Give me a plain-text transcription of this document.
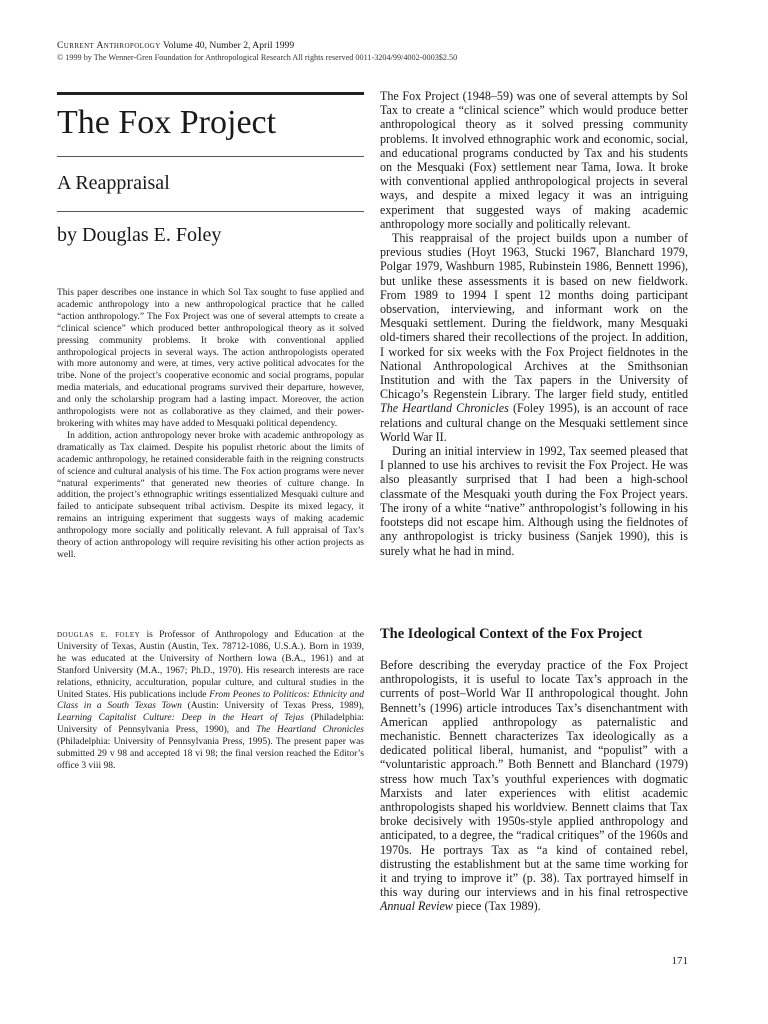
Current Anthropology Volume 40, Number 2, April 1999
© 1999 by The Wenner-Gren Foundation for Anthropological Research All rights reserved 0011-3204/99/4002-0003$2.50
The Fox Project
A Reappraisal
by Douglas E. Foley

This paper describes one instance in which Sol Tax sought to fuse applied and academic anthropology into a new anthropological practice that he called “action anthropology.” The Fox Project was one of several attempts to create a “clinical science” which produced better anthropological theory as it solved pressing community problems. It broke with conventional applied anthropological projects in several ways. The action anthropologists operated with more autonomy and were, at times, very active political advocates for the tribe. None of the project’s cooperative economic and social programs, popular media materials, and educational programs survived their departure, however, and only the scholarship program had a lasting impact. Moreover, the action anthropologists were not as collaborative as they claimed, and their power-brokering with whites may have added to Mesquaki political dependency.

In addition, action anthropology never broke with academic anthropology as dramatically as Tax claimed. Despite his populist rhetoric about the limits of academic anthropology, he retained considerable faith in the reigning constructs of science and cultural analysis of his time. The Fox action programs were never “natural experiments” that generated new theories of culture change. In addition, the project’s ethnographic writings essentialized Mesquaki culture and failed to anticipate subsequent tribal activism. Despite its mixed legacy, it remains an intriguing experiment that suggests ways of making academic anthropology more socially and politically relevant. A full appraisal of Tax’s theory of action anthropology will require revisiting his other action projects as well.

douglas e. foley is Professor of Anthropology and Education at the University of Texas, Austin (Austin, Tex. 78712-1086, U.S.A.). Born in 1939, he was educated at the University of Northern Iowa (B.A., 1961) and at Stanford University (M.A., 1967; Ph.D., 1970). His research interests are race relations, ethnicity, acculturation, popular culture, and cultural studies in the United States. His publications include From Peones to Politicos: Ethnicity and Class in a South Texas Town (Austin: University of Texas Press, 1989), Learning Capitalist Culture: Deep in the Heart of Tejas (Philadelphia: University of Pennsylvania Press, 1990), and The Heartland Chronicles (Philadelphia: University of Pennsylvania Press, 1995). The present paper was submitted 29 v 98 and accepted 18 vi 98; the final version reached the Editor’s office 3 viii 98.

The Fox Project (1948–59) was one of several attempts by Sol Tax to create a “clinical science” which would produce better anthropological theory as it solved pressing community problems. It involved ethnographic work and economic, social, and educational programs conducted by Tax and his students on the Mesquaki (Fox) settlement near Tama, Iowa. It broke with conventional applied anthropological projects in several ways, and despite a mixed legacy it was an intriguing experiment that suggested ways of making academic anthropology more socially and politically relevant.

This reappraisal of the project builds upon a number of previous studies (Hoyt 1963, Stucki 1967, Blanchard 1979, Polgar 1979, Washburn 1985, Rubinstein 1986, Bennett 1996), but unlike these assessments it is based on new fieldwork. From 1989 to 1994 I spent 12 months doing participant observation, interviewing, and informant work on the Mesquaki settlement. During the fieldwork, many Mesquaki old-timers shared their recollections of the project. In addition, I worked for six weeks with the Fox Project fieldnotes in the National Anthropological Archives at the Smithsonian Institution and with the Tax papers in the University of Chicago’s Regenstein Library. The larger field study, entitled The Heartland Chronicles (Foley 1995), is an account of race relations and cultural change on the Mesquaki settlement since World War II.

During an initial interview in 1992, Tax seemed pleased that I planned to use his archives to revisit the Fox Project. He was also pleasantly surprised that I had been a high-school classmate of the Mesquaki youth during the Fox Project years. The irony of a white “native” anthropologist’s following in his footsteps did not escape him. Although using the fieldnotes of any anthropologist is tricky business (Sanjek 1990), this is surely what he had in mind.

The Ideological Context of the Fox Project

Before describing the everyday practice of the Fox Project anthropologists, it is useful to locate Tax’s approach in the currents of post–World War II anthropological thought. John Bennett’s (1996) article introduces Tax’s disenchantment with American applied anthropology as paternalistic and mechanistic. Bennett characterizes Tax ideologically as a dedicated political liberal, humanist, and “populist” with a “voluntaristic approach.” Both Bennett and Blanchard (1979) stress how much Tax’s youthful experiences with dogmatic Marxists and later experiences with elitist academic anthropologists shaped his worldview. Bennett claims that Tax broke decisively with 1950s-style applied anthropology and anticipated, to a degree, the “radical critiques” of the 1960s and 1970s. He portrays Tax as “a kind of contained rebel, distrusting the establishment but at the same time working for it and trying to improve it” (p. 38). Tax portrayed himself in this way during our interviews and in his final retrospective Annual Review piece (Tax 1989).

171
